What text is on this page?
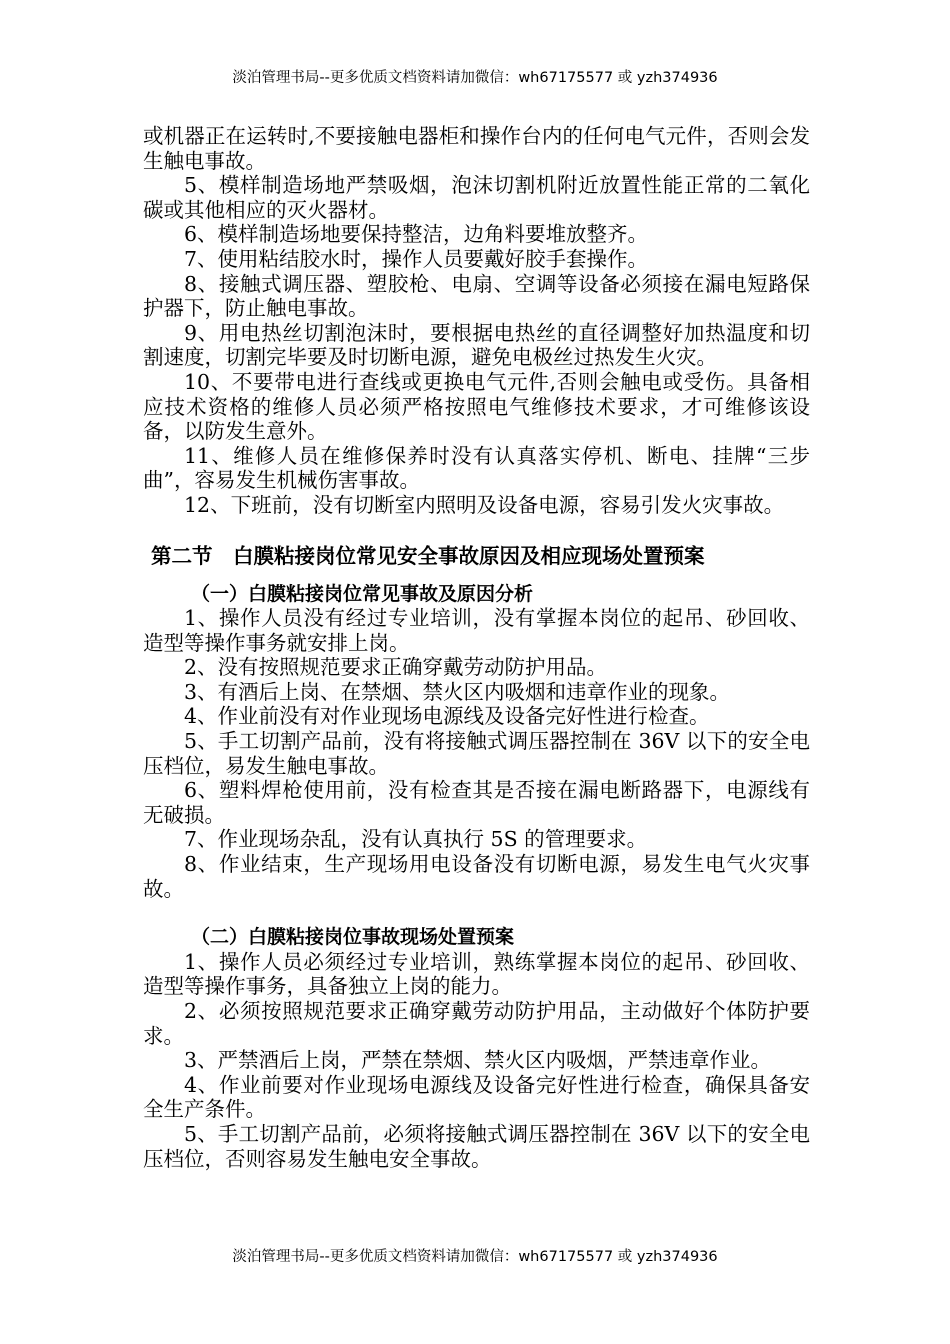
淡泊管理书局--更多优质文档资料请加微信：wh67175577 或 yzh374936

或机器正在运转时,不要接触电器柜和操作台内的任何电气元件，否则会发生触电事故。

5、模样制造场地严禁吸烟，泡沫切割机附近放置性能正常的二氧化碳或其他相应的灭火器材。

6、模样制造场地要保持整洁，边角料要堆放整齐。

7、使用粘结胶水时，操作人员要戴好胶手套操作。

8、接触式调压器、塑胶枪、电扇、空调等设备必须接在漏电短路保护器下，防止触电事故。

9、用电热丝切割泡沫时，要根据电热丝的直径调整好加热温度和切割速度，切割完毕要及时切断电源，避免电极丝过热发生火灾。

10、不要带电进行查线或更换电气元件,否则会触电或受伤。具备相应技术资格的维修人员必须严格按照电气维修技术要求，才可维修该设备，以防发生意外。

11、维修人员在维修保养时没有认真落实停机、断电、挂牌“三步曲”，容易发生机械伤害事故。

12、下班前，没有切断室内照明及设备电源，容易引发火灾事故。

第二节　白膜粘接岗位常见安全事故原因及相应现场处置预案
（一）白膜粘接岗位常见事故及原因分析

1、操作人员没有经过专业培训，没有掌握本岗位的起吊、砂回收、造型等操作事务就安排上岗。

2、没有按照规范要求正确穿戴劳动防护用品。

3、有酒后上岗、在禁烟、禁火区内吸烟和违章作业的现象。

4、作业前没有对作业现场电源线及设备完好性进行检查。

5、手工切割产品前，没有将接触式调压器控制在 36V 以下的安全电压档位，易发生触电事故。

6、塑料焊枪使用前，没有检查其是否接在漏电断路器下，电源线有无破损。

7、作业现场杂乱，没有认真执行 5S 的管理要求。

8、作业结束，生产现场用电设备没有切断电源，易发生电气火灾事故。

（二）白膜粘接岗位事故现场处置预案

1、操作人员必须经过专业培训，熟练掌握本岗位的起吊、砂回收、造型等操作事务，具备独立上岗的能力。

2、必须按照规范要求正确穿戴劳动防护用品，主动做好个体防护要求。

3、严禁酒后上岗，严禁在禁烟、禁火区内吸烟，严禁违章作业。

4、作业前要对作业现场电源线及设备完好性进行检查，确保具备安全生产条件。

5、手工切割产品前，必须将接触式调压器控制在 36V 以下的安全电压档位，否则容易发生触电安全事故。

淡泊管理书局--更多优质文档资料请加微信：wh67175577 或 yzh374936
